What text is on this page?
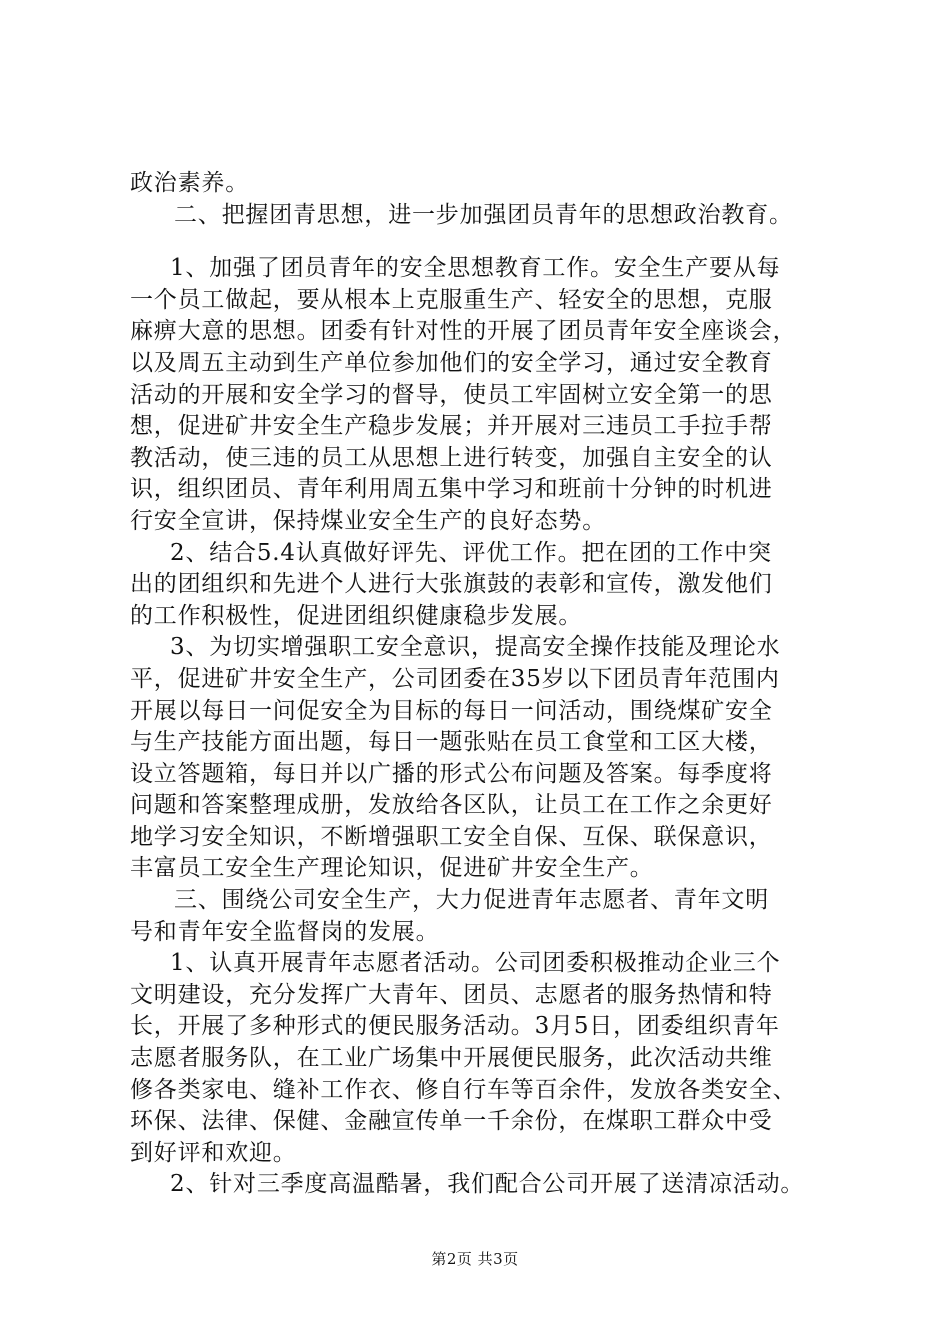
政治素养。
二、把握团青思想，进一步加强团员青年的思想政治教育。
1、加强了团员青年的安全思想教育工作。安全生产要从每
一个员工做起，要从根本上克服重生产、轻安全的思想，克服
麻痹大意的思想。团委有针对性的开展了团员青年安全座谈会，
以及周五主动到生产单位参加他们的安全学习，通过安全教育
活动的开展和安全学习的督导，使员工牢固树立安全第一的思
想，促进矿井安全生产稳步发展；并开展对三违员工手拉手帮
教活动，使三违的员工从思想上进行转变，加强自主安全的认
识，组织团员、青年利用周五集中学习和班前十分钟的时机进
行安全宣讲，保持煤业安全生产的良好态势。
2、结合5.4认真做好评先、评优工作。把在团的工作中突
出的团组织和先进个人进行大张旗鼓的表彰和宣传，激发他们
的工作积极性，促进团组织健康稳步发展。
3、为切实增强职工安全意识，提高安全操作技能及理论水
平，促进矿井安全生产，公司团委在35岁以下团员青年范围内
开展以每日一问促安全为目标的每日一问活动，围绕煤矿安全
与生产技能方面出题，每日一题张贴在员工食堂和工区大楼，
设立答题箱，每日并以广播的形式公布问题及答案。每季度将
问题和答案整理成册，发放给各区队，让员工在工作之余更好
地学习安全知识，不断增强职工安全自保、互保、联保意识，
丰富员工安全生产理论知识，促进矿井安全生产。
三、围绕公司安全生产，大力促进青年志愿者、青年文明
号和青年安全监督岗的发展。
1、认真开展青年志愿者活动。公司团委积极推动企业三个
文明建设，充分发挥广大青年、团员、志愿者的服务热情和特
长，开展了多种形式的便民服务活动。3月5日，团委组织青年
志愿者服务队，在工业广场集中开展便民服务，此次活动共维
修各类家电、缝补工作衣、修自行车等百余件，发放各类安全、
环保、法律、保健、金融宣传单一千余份，在煤职工群众中受
到好评和欢迎。
2、针对三季度高温酷暑，我们配合公司开展了送清凉活动。
第2页 共3页
